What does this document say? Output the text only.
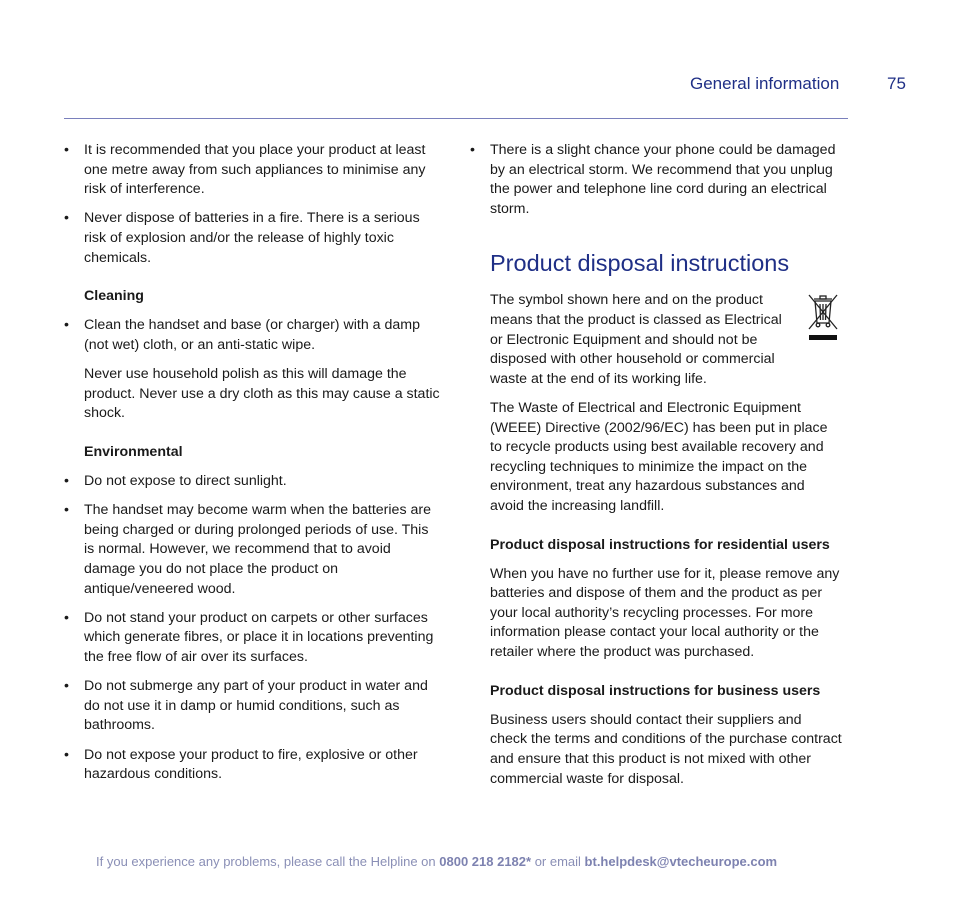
General information	75
•	It is recommended that you place your product at least one metre away from such appliances to minimise any risk of interference.
•	Never dispose of batteries in a fire. There is a serious risk of explosion and/or the release of highly toxic chemicals.
Cleaning
•	Clean the handset and base (or charger) with a damp (not wet) cloth, or an anti-static wipe.
Never use household polish as this will damage the product. Never use a dry cloth as this may cause a static shock.
Environmental
•	Do not expose to direct sunlight.
•	The handset may become warm when the batteries are being charged or during prolonged periods of use. This is normal. However, we recommend that to avoid damage you do not place the product on antique/veneered wood.
•	Do not stand your product on carpets or other surfaces which generate fibres, or place it in locations preventing the free flow of air over its surfaces.
•	Do not submerge any part of your product in water and do not use it in damp or humid conditions, such as bathrooms.
•	Do not expose your product to fire, explosive or other hazardous conditions.
•	There is a slight chance your phone could be damaged by an electrical storm. We recommend that you unplug the power and telephone line cord during an electrical storm.
Product disposal instructions
The symbol shown here and on the product means that the product is classed as Electrical or Electronic Equipment and should not be disposed with other household or commercial waste at the end of its working life.
The Waste of Electrical and Electronic Equipment (WEEE) Directive (2002/96/EC) has been put in place to recycle products using best available recovery and recycling techniques to minimize the impact on the environment, treat any hazardous substances and avoid the increasing landfill.
Product disposal instructions for residential users
When you have no further use for it, please remove any batteries and dispose of them and the product as per your local authority’s recycling processes. For more information please contact your local authority or the retailer where the product was purchased.
Product disposal instructions for business users
Business users should contact their suppliers and check the terms and conditions of the purchase contract and ensure that this product is not mixed with other commercial waste for disposal.
If you experience any problems, please call the Helpline on 0800 218 2182* or email bt.helpdesk@vtecheurope.com
